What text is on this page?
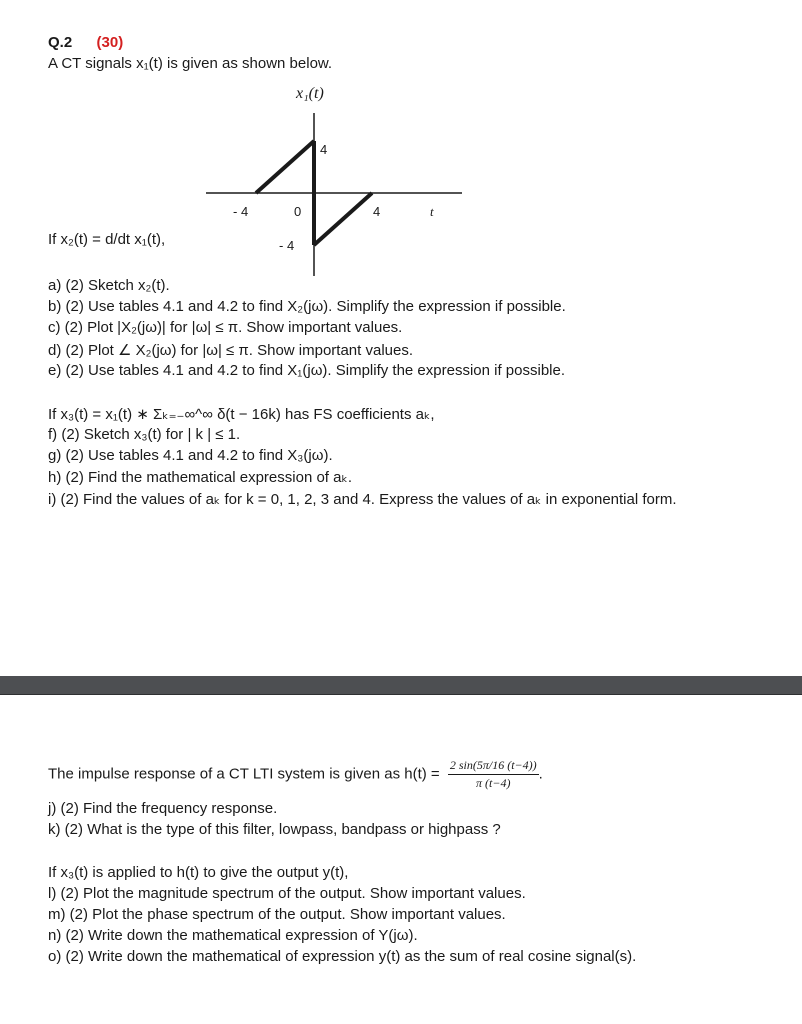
Q.2 (30)
A CT signals x₁(t) is given as shown below.
x₁(t)
4
- 4	0	4	t
- 4
If x₂(t) = d/dt x₁(t),
a) (2) Sketch x₂(t).
b) (2) Use tables 4.1 and 4.2 to find X₂(jω). Simplify the expression if possible.
c) (2) Plot |X₂(jω)| for |ω| ≤ π. Show important values.
d) (2) Plot ∠ X₂(jω) for |ω| ≤ π. Show important values.
e) (2) Use tables 4.1 and 4.2 to find X₁(jω). Simplify the expression if possible.
If x₃(t) = x₁(t) ∗ Σₖ₌₋∞^∞ δ(t − 16k) has FS coefficients aₖ,
f) (2) Sketch x₃(t) for | k | ≤ 1.
g) (2) Use tables 4.1 and 4.2 to find X₃(jω).
h) (2) Find the mathematical expression of aₖ.
i) (2) Find the values of aₖ for k = 0, 1, 2, 3 and 4. Express the values of aₖ in exponential form.
The impulse response of a CT LTI system is given as $h(t) = \frac{2 \sin(5\pi/16 (t-4))}{\pi (t-4)}$ .
j) (2) Find the frequency response.
k) (2) What is the type of this filter, lowpass, bandpass or highpass ?
If x₃(t) is applied to h(t) to give the output y(t),
l) (2) Plot the magnitude spectrum of the output. Show important values.
m) (2) Plot the phase spectrum of the output. Show important values.
n) (2) Write down the mathematical expression of Y(jω).
o) (2) Write down the mathematical of expression y(t) as the sum of real cosine signal(s).
